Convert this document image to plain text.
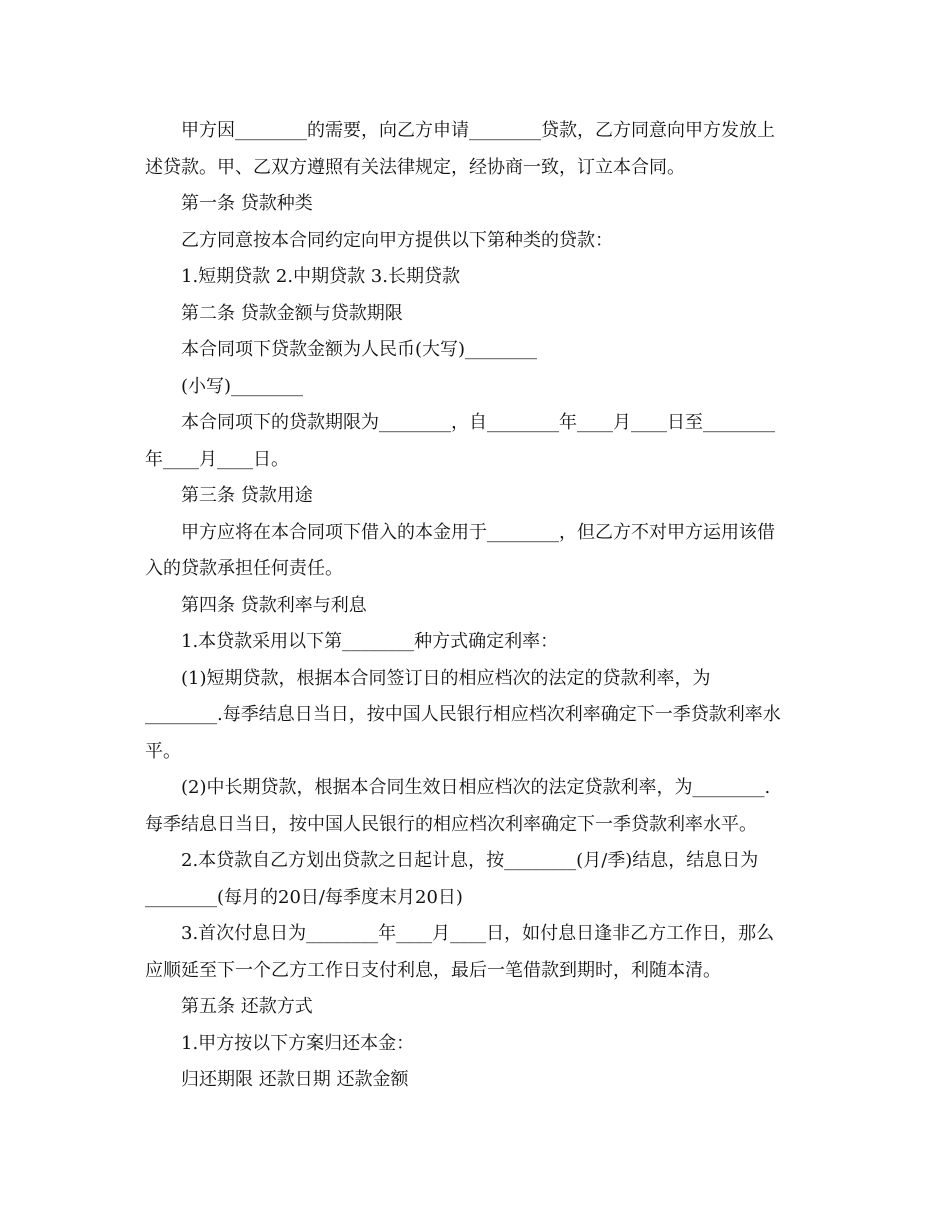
甲方因________的需要，向乙方申请________贷款，乙方同意向甲方发放上

述贷款。甲、乙双方遵照有关法律规定，经协商一致，订立本合同。

第一条 贷款种类

乙方同意按本合同约定向甲方提供以下第种类的贷款：

1.短期贷款 2.中期贷款 3.长期贷款

第二条 贷款金额与贷款期限

本合同项下贷款金额为人民币(大写)________

(小写)________

本合同项下的贷款期限为________，自________年____月____日至________

年____月____日。

第三条 贷款用途

甲方应将在本合同项下借入的本金用于________，但乙方不对甲方运用该借

入的贷款承担任何责任。

第四条 贷款利率与利息

1.本贷款采用以下第________种方式确定利率：

(1)短期贷款，根据本合同签订日的相应档次的法定的贷款利率，为

________.每季结息日当日，按中国人民银行相应档次利率确定下一季贷款利率水

平。

(2)中长期贷款，根据本合同生效日相应档次的法定贷款利率，为________.

每季结息日当日，按中国人民银行的相应档次利率确定下一季贷款利率水平。

2.本贷款自乙方划出贷款之日起计息，按________(月/季)结息，结息日为

________(每月的20日/每季度末月20日)

3.首次付息日为________年____月____日，如付息日逢非乙方工作日，那么

应顺延至下一个乙方工作日支付利息，最后一笔借款到期时，利随本清。

第五条 还款方式

1.甲方按以下方案归还本金：

归还期限 还款日期 还款金额
